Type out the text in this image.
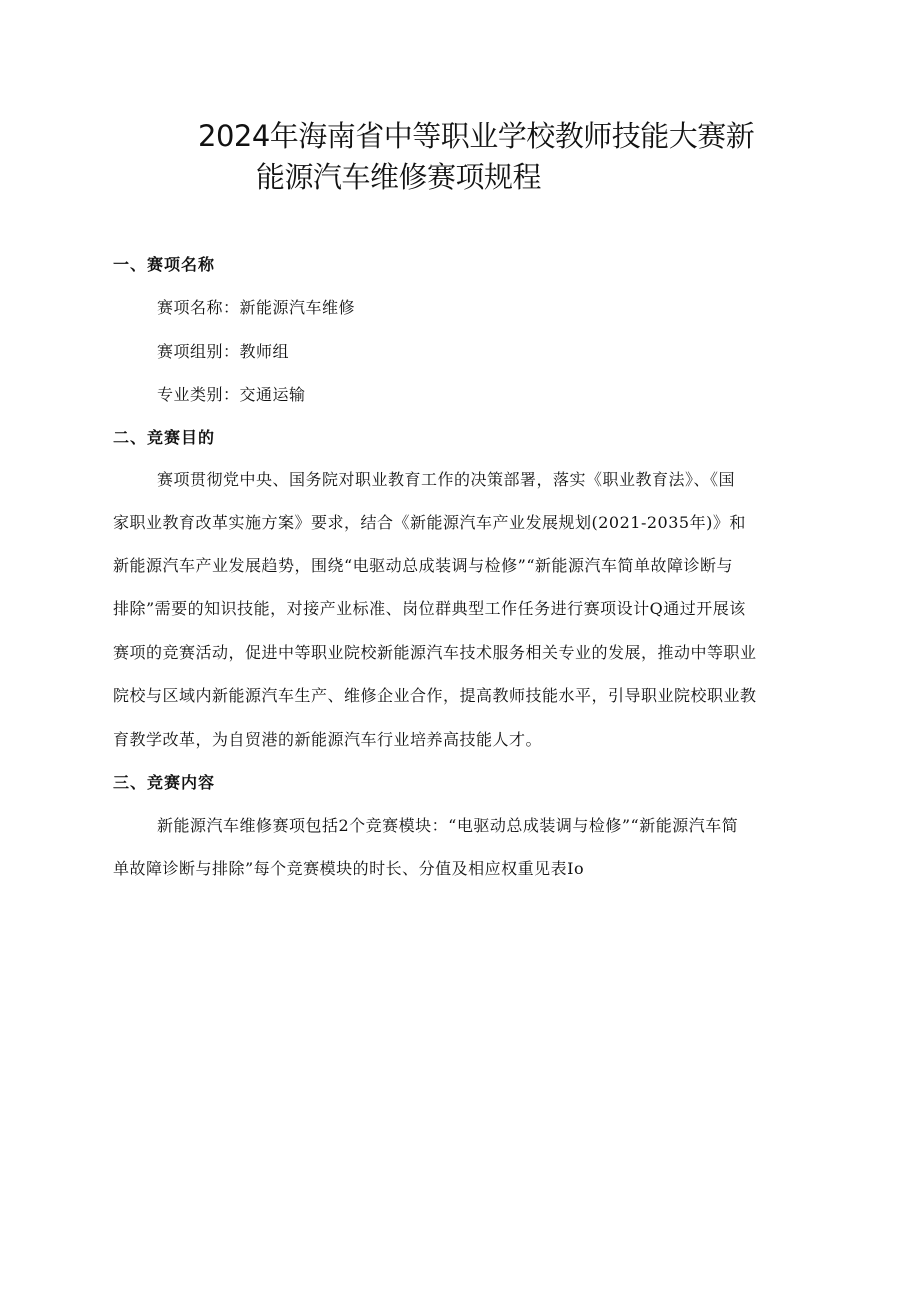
2024年海南省中等职业学校教师技能大赛新
能源汽车维修赛项规程
一、赛项名称
赛项名称：新能源汽车维修
赛项组别：教师组
专业类别：交通运输
二、竞赛目的
赛项贯彻党中央、国务院对职业教育工作的决策部署，落实《职业教育法》、《国
家职业教育改革实施方案》要求，结合《新能源汽车产业发展规划(2021-2035年)》和
新能源汽车产业发展趋势，围绕“电驱动总成装调与检修”“新能源汽车简单故障诊断与
排除”需要的知识技能，对接产业标准、岗位群典型工作任务进行赛项设计Q通过开展该
赛项的竞赛活动，促进中等职业院校新能源汽车技术服务相关专业的发展，推动中等职业
院校与区域内新能源汽车生产、维修企业合作，提高教师技能水平，引导职业院校职业教
育教学改革，为自贸港的新能源汽车行业培养高技能人才。
三、竞赛内容
新能源汽车维修赛项包括2个竞赛模块：“电驱动总成装调与检修”“新能源汽车简
单故障诊断与排除”每个竞赛模块的时长、分值及相应权重见表Io
